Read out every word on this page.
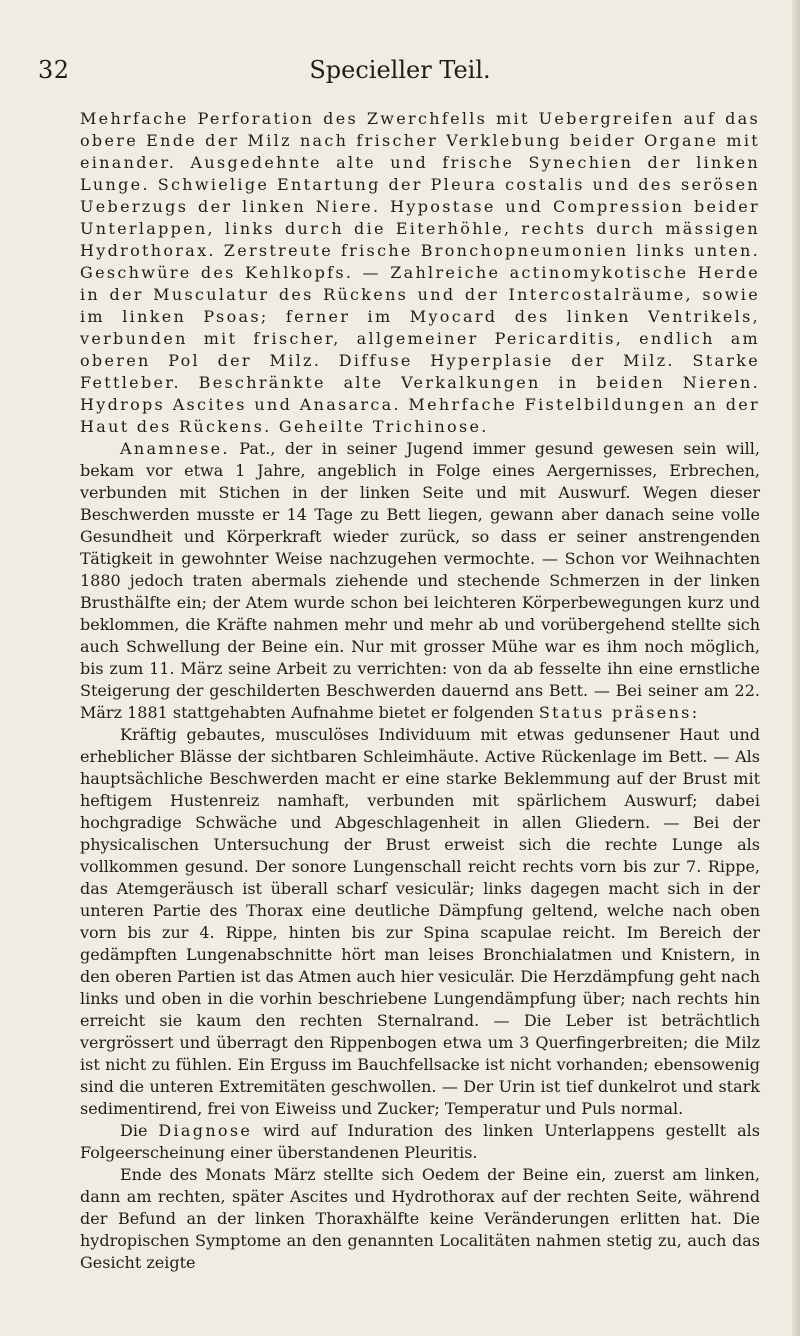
32	Specieller Teil.

Mehrfache Perforation des Zwerchfells mit Uebergreifen auf das obere Ende der Milz nach frischer Verklebung beider Organe mit einander. Ausgedehnte alte und frische Synechien der linken Lunge. Schwielige Entartung der Pleura costalis und des serösen Ueberzugs der linken Niere. Hypostase und Compression beider Unterlappen, links durch die Eiterhöhle, rechts durch mässigen Hydrothorax. Zerstreute frische Bronchopneumonien links unten. Geschwüre des Kehlkopfs. — Zahlreiche actinomykotische Herde in der Musculatur des Rückens und der Intercostalräume, sowie im linken Psoas; ferner im Myocard des linken Ventrikels, verbunden mit frischer, allgemeiner Pericarditis, endlich am oberen Pol der Milz. Diffuse Hyperplasie der Milz. Starke Fettleber. Beschränkte alte Verkalkungen in beiden Nieren. Hydrops Ascites und Anasarca. Mehrfache Fistelbildungen an der Haut des Rückens. Geheilte Trichinose.

Anamnese. Pat., der in seiner Jugend immer gesund gewesen sein will, bekam vor etwa 1 Jahre, angeblich in Folge eines Aergernisses, Erbrechen, verbunden mit Stichen in der linken Seite und mit Auswurf. Wegen dieser Beschwerden musste er 14 Tage zu Bett liegen, gewann aber danach seine volle Gesundheit und Körperkraft wieder zurück, so dass er seiner anstrengenden Tätigkeit in gewohnter Weise nachzugehen vermochte. — Schon vor Weihnachten 1880 jedoch traten abermals ziehende und stechende Schmerzen in der linken Brusthälfte ein; der Atem wurde schon bei leichteren Körperbewegungen kurz und beklommen, die Kräfte nahmen mehr und mehr ab und vorübergehend stellte sich auch Schwellung der Beine ein. Nur mit grosser Mühe war es ihm noch möglich, bis zum 11. März seine Arbeit zu verrichten: von da ab fesselte ihn eine ernstliche Steigerung der geschilderten Beschwerden dauernd ans Bett. — Bei seiner am 22. März 1881 stattgehabten Aufnahme bietet er folgenden Status präsens:

Kräftig gebautes, musculöses Individuum mit etwas gedunsener Haut und erheblicher Blässe der sichtbaren Schleimhäute. Active Rückenlage im Bett. — Als hauptsächliche Beschwerden macht er eine starke Beklemmung auf der Brust mit heftigem Hustenreiz namhaft, verbunden mit spärlichem Auswurf; dabei hochgradige Schwäche und Abgeschlagenheit in allen Gliedern. — Bei der physicalischen Untersuchung der Brust erweist sich die rechte Lunge als vollkommen gesund. Der sonore Lungenschall reicht rechts vorn bis zur 7. Rippe, das Atemgeräusch ist überall scharf vesiculär; links dagegen macht sich in der unteren Partie des Thorax eine deutliche Dämpfung geltend, welche nach oben vorn bis zur 4. Rippe, hinten bis zur Spina scapulae reicht. Im Bereich der gedämpften Lungenabschnitte hört man leises Bronchialatmen und Knistern, in den oberen Partien ist das Atmen auch hier vesiculär. Die Herzdämpfung geht nach links und oben in die vorhin beschriebene Lungendämpfung über; nach rechts hin erreicht sie kaum den rechten Sternalrand. — Die Leber ist beträchtlich vergrössert und überragt den Rippenbogen etwa um 3 Querfingerbreiten; die Milz ist nicht zu fühlen. Ein Erguss im Bauchfellsacke ist nicht vorhanden; ebensowenig sind die unteren Extremitäten geschwollen. — Der Urin ist tief dunkelrot und stark sedimentirend, frei von Eiweiss und Zucker; Temperatur und Puls normal.

Die Diagnose wird auf Induration des linken Unterlappens gestellt als Folgeerscheinung einer überstandenen Pleuritis.

Ende des Monats März stellte sich Oedem der Beine ein, zuerst am linken, dann am rechten, später Ascites und Hydrothorax auf der rechten Seite, während der Befund an der linken Thoraxhälfte keine Veränderungen erlitten hat. Die hydropischen Symptome an den genannten Localitäten nahmen stetig zu, auch das Gesicht zeigte
